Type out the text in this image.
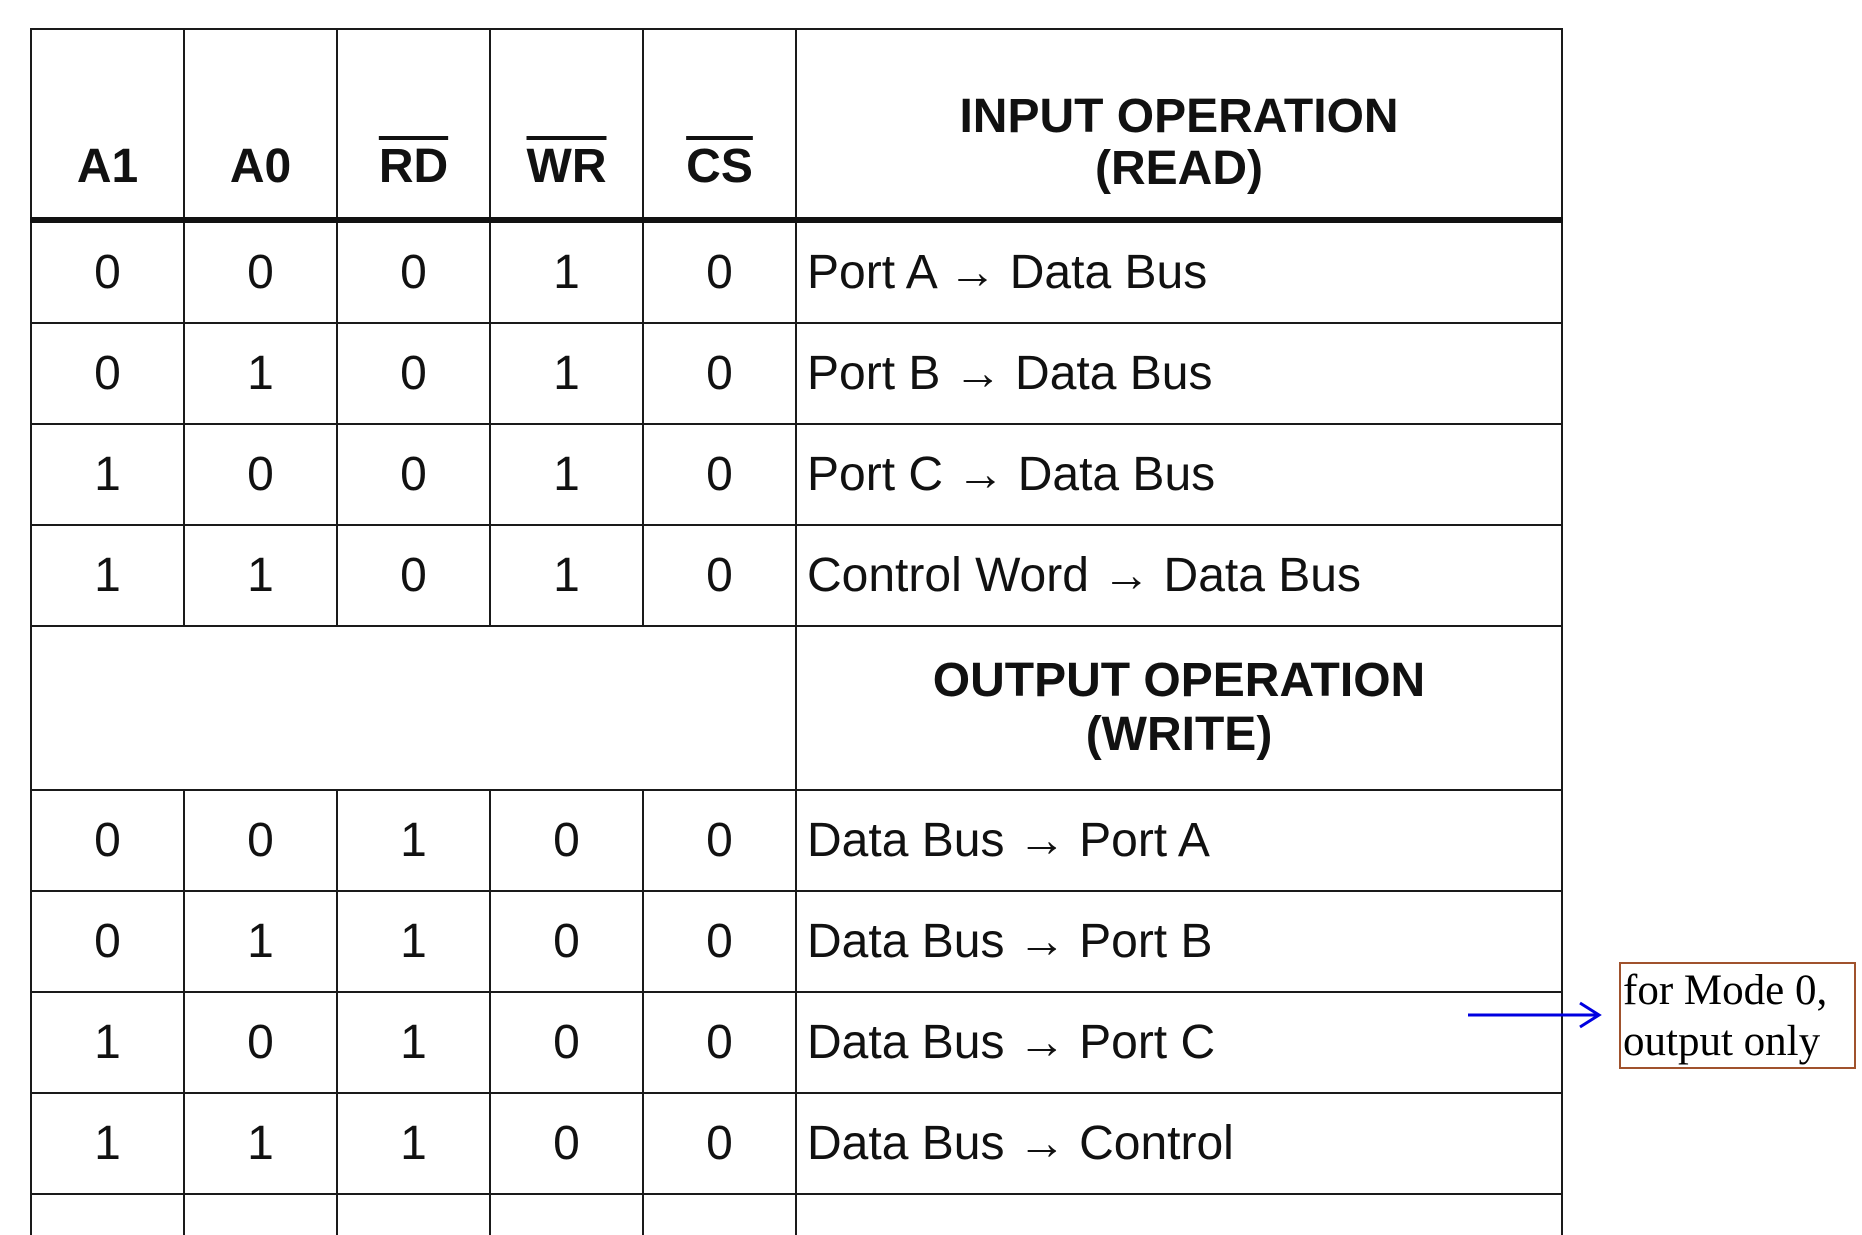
A1	A0	$\overline{RD}$	$\overline{WR}$	$\overline{CS}$	INPUT OPERATION
(READ)

0	0	0	1	0	Port A → Data Bus
0	1	0	1	0	Port B → Data Bus
1	0	0	1	0	Port C → Data Bus
1	1	0	1	0	Control Word → Data Bus

					OUTPUT OPERATION
(WRITE)

0	0	1	0	0	Data Bus → Port A
0	1	1	0	0	Data Bus → Port B
1	0	1	0	0	Data Bus → Port C
1	1	1	0	0	Data Bus → Control

for Mode 0,
output only
